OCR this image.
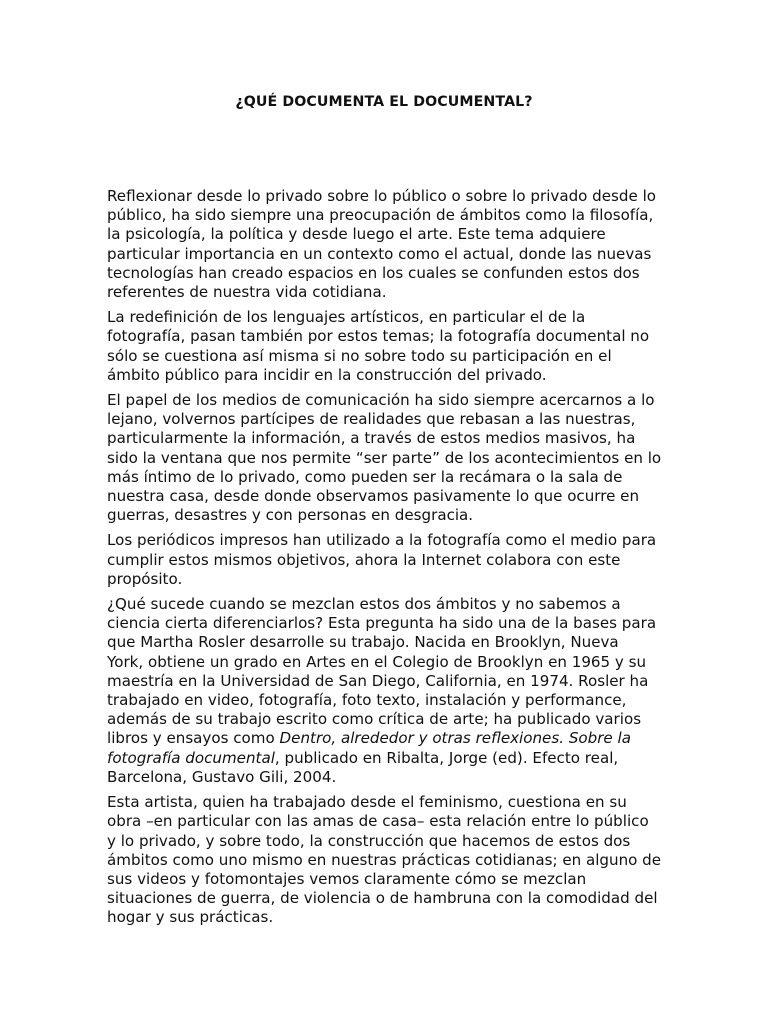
¿QUÉ DOCUMENTA EL DOCUMENTAL?

Reflexionar desde lo privado sobre lo público o sobre lo privado desde lo
público, ha sido siempre una preocupación de ámbitos como la filosofía,
la psicología, la política y desde luego el arte. Este tema adquiere
particular importancia en un contexto como el actual, donde las nuevas
tecnologías han creado espacios en los cuales se confunden estos dos
referentes de nuestra vida cotidiana.

La redefinición de los lenguajes artísticos, en particular el de la
fotografía, pasan también por estos temas; la fotografía documental no
sólo se cuestiona así misma si no sobre todo su participación en el
ámbito público para incidir en la construcción del privado.

El papel de los medios de comunicación ha sido siempre acercarnos a lo
lejano, volvernos partícipes de realidades que rebasan a las nuestras,
particularmente la información, a través de estos medios masivos, ha
sido la ventana que nos permite “ser parte” de los acontecimientos en lo
más íntimo de lo privado, como pueden ser la recámara o la sala de
nuestra casa, desde donde observamos pasivamente lo que ocurre en
guerras, desastres y con personas en desgracia.

Los periódicos impresos han utilizado a la fotografía como el medio para
cumplir estos mismos objetivos, ahora la Internet colabora con este
propósito.

¿Qué sucede cuando se mezclan estos dos ámbitos y no sabemos a
ciencia cierta diferenciarlos? Esta pregunta ha sido una de la bases para
que Martha Rosler desarrolle su trabajo. Nacida en Brooklyn, Nueva
York, obtiene un grado en Artes en el Colegio de Brooklyn en 1965 y su
maestría en la Universidad de San Diego, California, en 1974. Rosler ha
trabajado en video, fotografía, foto texto, instalación y performance,
además de su trabajo escrito como crítica de arte; ha publicado varios
libros y ensayos como Dentro, alrededor y otras reflexiones. Sobre la
fotografía documental, publicado en Ribalta, Jorge (ed). Efecto real,
Barcelona, Gustavo Gili, 2004.

Esta artista, quien ha trabajado desde el feminismo, cuestiona en su
obra –en particular con las amas de casa– esta relación entre lo público
y lo privado, y sobre todo, la construcción que hacemos de estos dos
ámbitos como uno mismo en nuestras prácticas cotidianas; en alguno de
sus videos y fotomontajes vemos claramente cómo se mezclan
situaciones de guerra, de violencia o de hambruna con la comodidad del
hogar y sus prácticas.
